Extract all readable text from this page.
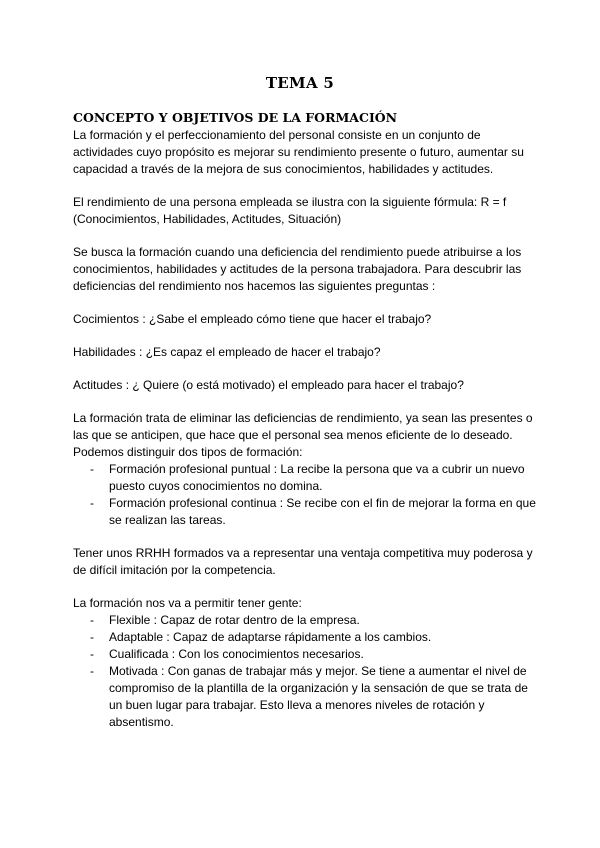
TEMA 5

CONCEPTO Y OBJETIVOS DE LA FORMACIÓN

La formación y el perfeccionamiento del personal consiste en un conjunto de actividades cuyo propósito es mejorar su rendimiento presente o futuro, aumentar su capacidad a través de la mejora de sus conocimientos, habilidades y actitudes.

El rendimiento de una persona empleada se ilustra con la siguiente fórmula: R = f (Conocimientos, Habilidades, Actitudes, Situación)

Se busca la formación cuando una deficiencia del rendimiento puede atribuirse a los conocimientos, habilidades y actitudes de la persona trabajadora. Para descubrir las deficiencias del rendimiento nos hacemos las siguientes preguntas :

Cocimientos : ¿Sabe el empleado cómo tiene que hacer el trabajo?

Habilidades : ¿Es capaz el empleado de hacer el trabajo?

Actitudes : ¿ Quiere (o está motivado) el empleado para hacer el trabajo?

La formación trata de eliminar las deficiencias de rendimiento, ya sean las presentes o las que se anticipen, que hace que el personal sea menos eficiente de lo deseado. Podemos distinguir dos tipos de formación:

- Formación profesional puntual : La recibe la persona que va a cubrir un nuevo puesto cuyos conocimientos no domina.
- Formación profesional continua : Se recibe con el fin de mejorar la forma en que se realizan las tareas.

Tener unos RRHH formados va a representar una ventaja competitiva muy poderosa y de difícil imitación por la competencia.

La formación nos va a permitir tener gente:

- Flexible : Capaz de rotar dentro de la empresa.
- Adaptable : Capaz de adaptarse rápidamente a los cambios.
- Cualificada : Con los conocimientos necesarios.
- Motivada : Con ganas de trabajar más y mejor. Se tiene a aumentar el nivel de compromiso de la plantilla de la organización y la sensación de que se trata de un buen lugar para trabajar. Esto lleva a menores niveles de rotación y absentismo.
